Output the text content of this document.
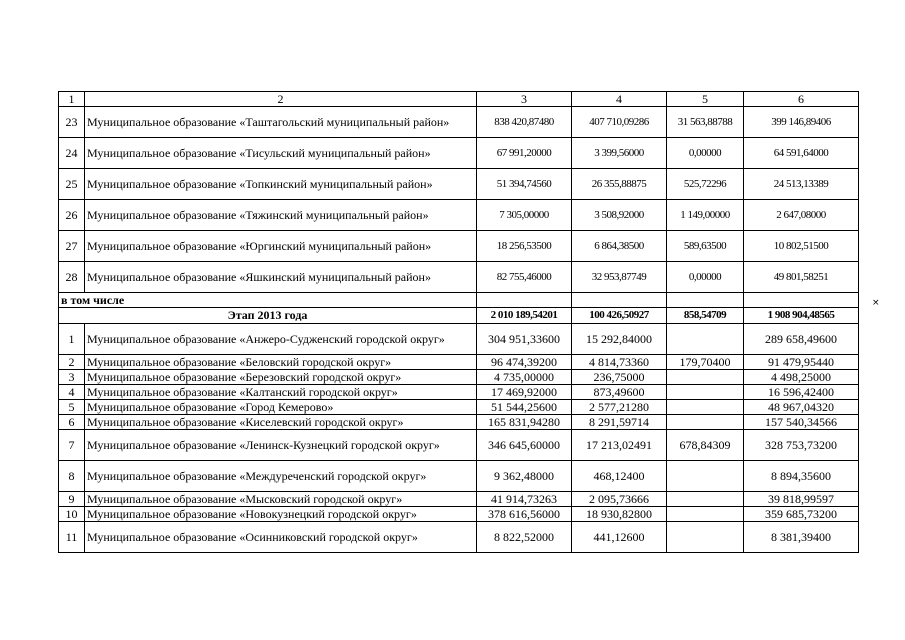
1	2	3	4	5	6
23	Муниципальное образование «Таштагольский муниципальный район»	838 420,87480	407 710,09286	31 563,88788	399 146,89406
24	Муниципальное образование «Тисульский муниципальный район»	67 991,20000	3 399,56000	0,00000	64 591,64000
25	Муниципальное образование «Топкинский муниципальный район»	51 394,74560	26 355,88875	525,72296	24 513,13389
26	Муниципальное образование «Тяжинский муниципальный район»	7 305,00000	3 508,92000	1 149,00000	2 647,08000
27	Муниципальное образование «Юргинский муниципальный район»	18 256,53500	6 864,38500	589,63500	10 802,51500
28	Муниципальное образование «Яшкинский муниципальный район»	82 755,46000	32 953,87749	0,00000	49 801,58251
в том числе					
Этап 2013 года		2 010 189,54201	100 426,50927	858,54709	1 908 904,48565
1	Муниципальное образование «Анжеро-Судженский городской округ»	304 951,33600	15 292,84000		289 658,49600
2	Муниципальное образование «Беловский городской округ»	96 474,39200	4 814,73360	179,70400	91 479,95440
3	Муниципальное образование «Березовский городской округ»	4 735,00000	236,75000		4 498,25000
4	Муниципальное образование «Калтанский городской округ»	17 469,92000	873,49600		16 596,42400
5	Муниципальное образование «Город Кемерово»	51 544,25600	2 577,21280		48 967,04320
6	Муниципальное образование «Киселевский городской округ»	165 831,94280	8 291,59714		157 540,34566
7	Муниципальное образование «Ленинск-Кузнецкий городской округ»	346 645,60000	17 213,02491	678,84309	328 753,73200
8	Муниципальное образование «Междуреченский городской округ»	9 362,48000	468,12400		8 894,35600
9	Муниципальное образование «Мысковский городской округ»	41 914,73263	2 095,73666		39 818,99597
10	Муниципальное образование «Новокузнецкий городской округ»	378 616,56000	18 930,82800		359 685,73200
11	Муниципальное образование «Осинниковский городской округ»	8 822,52000	441,12600		8 381,39400
×
